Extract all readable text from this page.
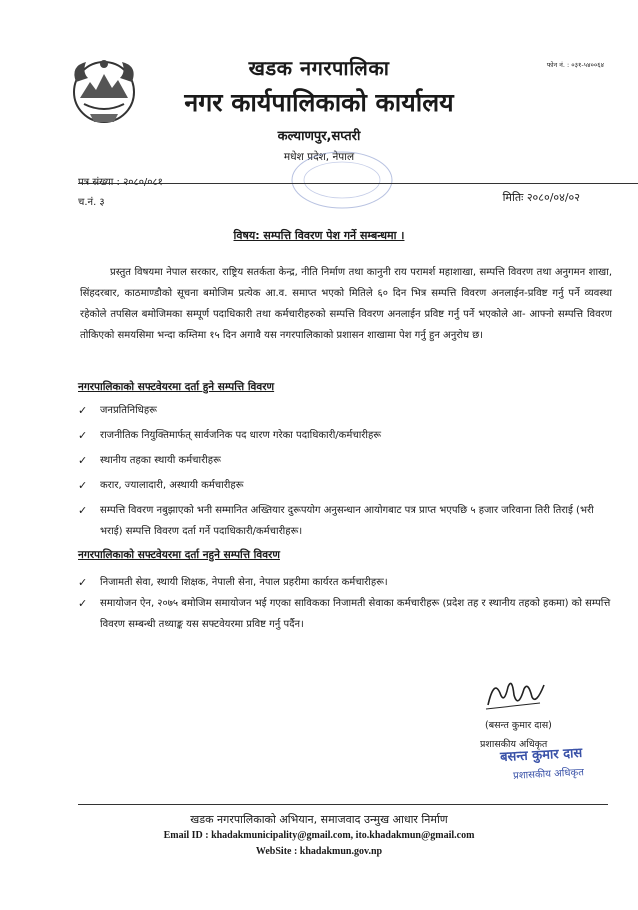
फोन नं. : ०३१-५४००६४
खडक नगरपालिका
नगर कार्यपालिकाको कार्यालय
कल्याणपुर,सप्तरी
मधेश प्रदेश, नेपाल
पत्र संख्या : २०८०/०८१
च.नं. ३	मितिः २०८०/०४/०२
विषय: सम्पत्ति विवरण पेश गर्ने सम्बन्धमा ।
प्रस्तुत विषयमा नेपाल सरकार, राष्ट्रिय सतर्कता केन्द्र, नीति निर्माण तथा कानुनी राय परामर्श महाशाखा, सम्पत्ति विवरण तथा अनुगमन शाखा, सिंहदरबार, काठमाण्डौको सूचना बमोजिम प्रत्येक आ.व. समाप्त भएको मितिले ६० दिन भित्र सम्पत्ति विवरण अनलाईन-प्रविष्ट गर्नु पर्ने व्यवस्था रहेकोले तपसिल बमोजिमका सम्पूर्ण पदाधिकारी तथा कर्मचारीहरुको सम्पत्ति विवरण अनलाईन प्रविष्ट गर्नु पर्ने भएकोले आ- आफ्नो सम्पत्ति विवरण तोकिएको समयसिमा भन्दा कम्तिमा १५ दिन अगावै यस नगरपालिकाको प्रशासन शाखामा पेश गर्नु हुन अनुरोध छ।
नगरपालिकाको सफ्टवेयरमा दर्ता हुने सम्पत्ति विवरण
✓ जनप्रतिनिधिहरू
✓ राजनीतिक नियुक्तिमार्फत् सार्वजनिक पद धारण गरेका पदाधिकारी/कर्मचारीहरू
✓ स्थानीय तहका स्थायी कर्मचारीहरू
✓ करार, ज्यालादारी, अस्थायी कर्मचारीहरू
✓ सम्पत्ति विवरण नबुझाएको भनी सम्मानित अख्तियार दुरूपयोग अनुसन्धान आयोगबाट पत्र प्राप्त भएपछि ५ हजार जरिवाना तिरी तिराई (भरी भराई) सम्पत्ति विवरण दर्ता गर्ने पदाधिकारी/कर्मचारीहरू।
नगरपालिकाको सफ्टवेयरमा दर्ता नहुने सम्पत्ति विवरण
✓ निजामती सेवा, स्थायी शिक्षक, नेपाली सेना, नेपाल प्रहरीमा कार्यरत कर्मचारीहरू।
✓ समायोजन ऐन, २०७५ बमोजिम समायोजन भई गएका साविकका निजामती सेवाका कर्मचारीहरू (प्रदेश तह र स्थानीय तहको हकमा) को सम्पत्ति विवरण सम्बन्धी तथ्याङ्क यस सफ्टवेयरमा प्रविष्ट गर्नु पर्दैन।
(बसन्त कुमार दास)
प्रशासकीय अधिकृत
बसन्त कुमार दास
प्रशासकीय अधिकृत
खडक नगरपालिकाको अभियान, समाजवाद उन्मुख आधार निर्माण
Email ID : khadakmunicipality@gmail.com, ito.khadakmun@gmail.com
WebSite : khadakmun.gov.np
